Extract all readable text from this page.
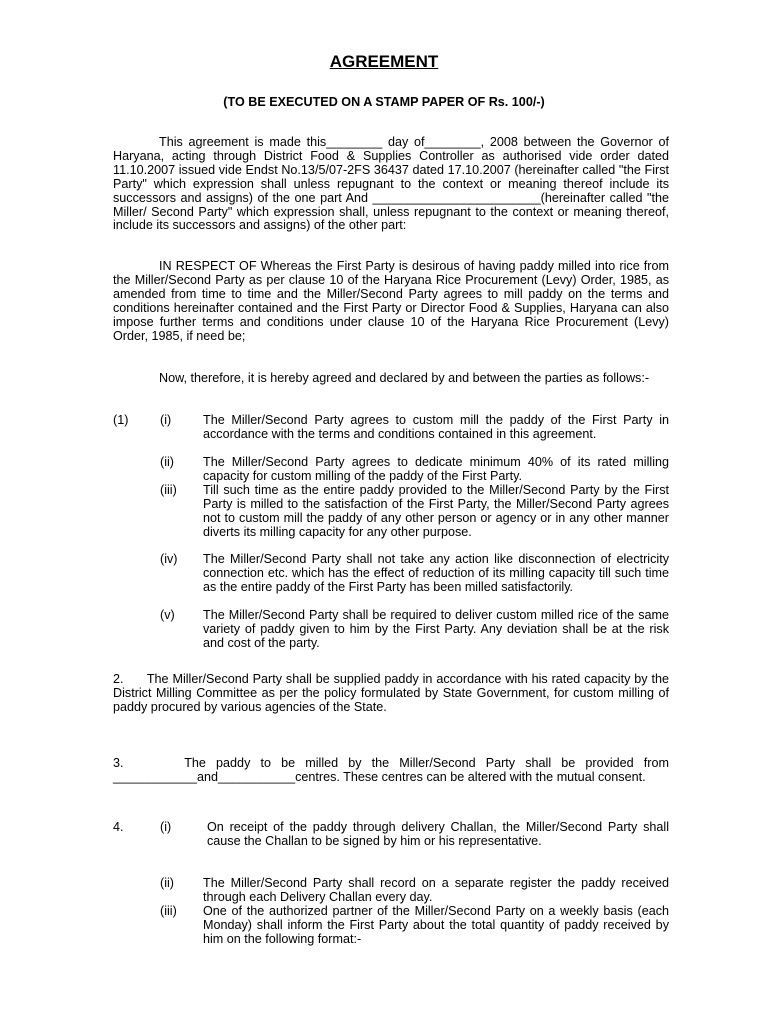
AGREEMENT
(TO BE EXECUTED ON A STAMP PAPER OF Rs. 100/-)

This agreement is made this________ day of________, 2008 between the Governor of Haryana, acting through District Food & Supplies Controller as authorised vide order dated 11.10.2007 issued vide Endst No.13/5/07-2FS 36437 dated 17.10.2007 (hereinafter called "the First Party" which expression shall unless repugnant to the context or meaning thereof include its successors and assigns) of the one part And ________________________(hereinafter called "the Miller/ Second Party" which expression shall, unless repugnant to the context or meaning thereof, include its successors and assigns) of the other part:

IN RESPECT OF Whereas the First Party is desirous of having paddy milled into rice from the Miller/Second Party as per clause 10 of the Haryana Rice Procurement (Levy) Order, 1985, as amended from time to time and the Miller/Second Party agrees to mill paddy on the terms and conditions hereinafter contained and the First Party or Director Food & Supplies, Haryana can also impose further terms and conditions under clause 10 of the Haryana Rice Procurement (Levy) Order, 1985, if need be;

Now, therefore, it is hereby agreed and declared by and between the parties as follows:-

(1)	(i)	The Miller/Second Party agrees to custom mill the paddy of the First Party in accordance with the terms and conditions contained in this agreement.

(ii) The Miller/Second Party agrees to dedicate minimum 40% of its rated milling capacity for custom milling of the paddy of the First Party.

(iii) Till such time as the entire paddy provided to the Miller/Second Party by the First Party is milled to the satisfaction of the First Party, the Miller/Second Party agrees not to custom mill the paddy of any other person or agency or in any other manner diverts its milling capacity for any other purpose.

(iv) The Miller/Second Party shall not take any action like disconnection of electricity connection etc. which has the effect of reduction of its milling capacity till such time as the entire paddy of the First Party has been milled satisfactorily.

(v) The Miller/Second Party shall be required to deliver custom milled rice of the same variety of paddy given to him by the First Party. Any deviation shall be at the risk and cost of the party.

2.      The Miller/Second Party shall be supplied paddy in accordance with his rated capacity by the District Milling Committee as per the policy formulated by State Government, for custom milling of paddy procured by various agencies of the State.

3.      The paddy to be milled by the Miller/Second Party shall be provided from ____________and___________centres. These centres can be altered with the mutual consent.

4.	(i)	On receipt of the paddy through delivery Challan, the Miller/Second Party shall cause the Challan to be signed by him or his representative.

(ii) The Miller/Second Party shall record on a separate register the paddy received through each Delivery Challan every day.

(iii) One of the authorized partner of the Miller/Second Party on a weekly basis (each Monday) shall inform the First Party about the total quantity of paddy received by him on the following format:-
